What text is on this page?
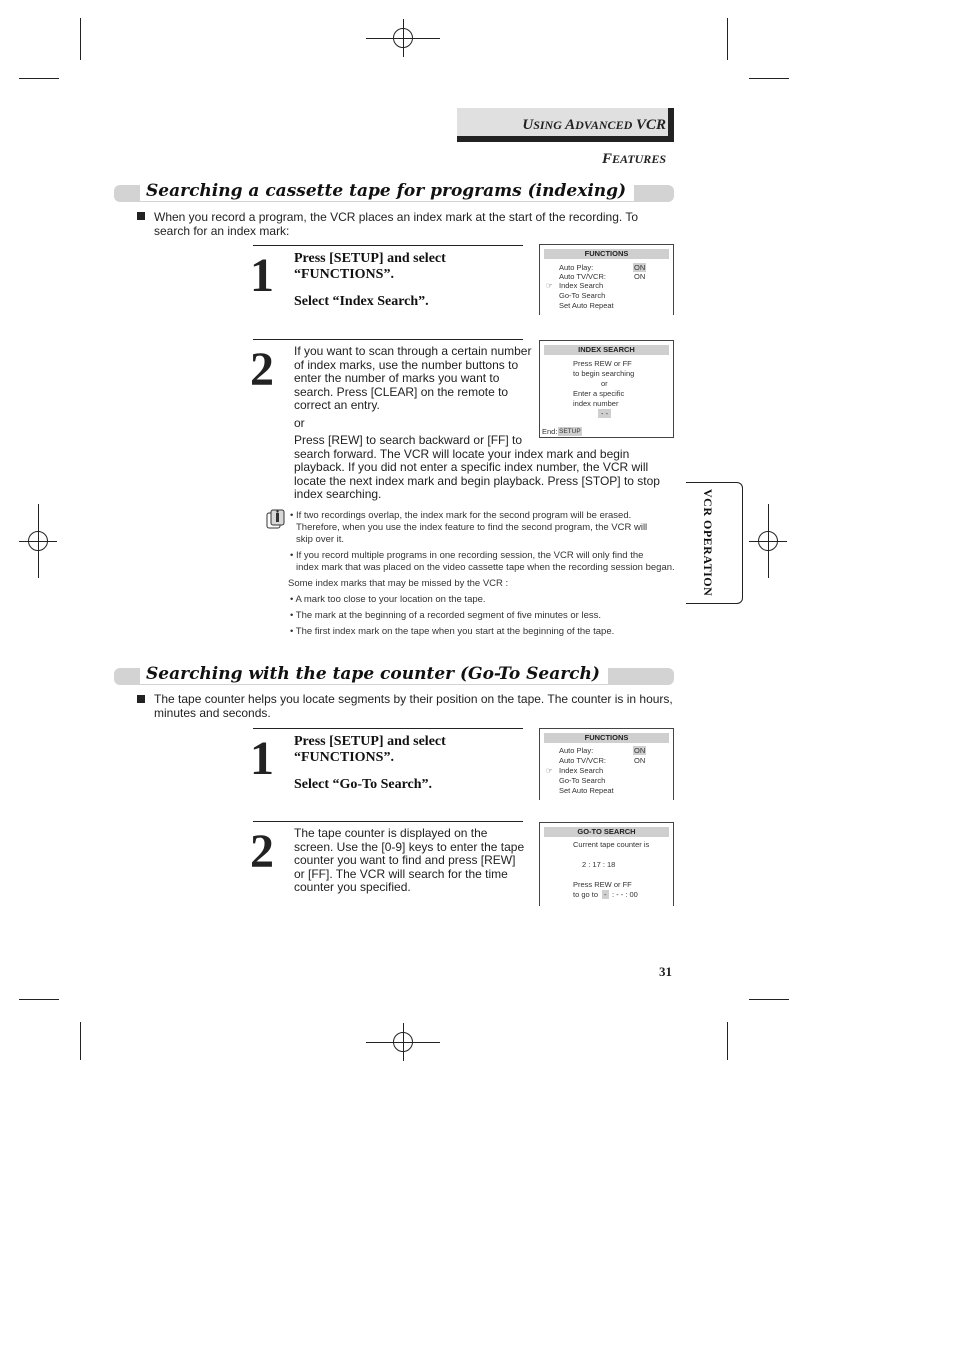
USING ADVANCED VCR FEATURES
VCR OPERATION
Searching a cassette tape for programs (indexing)
When you record a program, the VCR places an index mark at the start of the recording. To search for an index mark:
1 Press [SETUP] and select
“FUNCTIONS”.
Select “Index Search”.
FUNCTIONS
Auto Play:
Auto TV/VCR:
☞ Index Search
Go-To Search
Set Auto Repeat
ON
ON
2 If you want to scan through a certain number
of index marks, use the number buttons to
enter the number of marks you want to
search. Press [CLEAR] on the remote to
correct an entry.
or
Press [REW] to search backward or [FF] to
search forward. The VCR will locate your index mark and begin
playback. If you did not enter a specific index number, the VCR will
locate the next index mark and begin playback. Press [STOP] to stop
index searching.
INDEX SEARCH
Press REW or FF
to begin searching
or
Enter a specific
index number
- -
End: SETUP
• If two recordings overlap, the index mark for the second program will be erased.
Therefore, when you use the index feature to find the second program, the VCR will
skip over it.
• If you record multiple programs in one recording session, the VCR will only find the
index mark that was placed on the video cassette tape when the recording session began.
Some index marks that may be missed by the VCR :
• A mark too close to your location on the tape.
• The mark at the beginning of a recorded segment of five minutes or less.
• The first index mark on the tape when you start at the beginning of the tape.
Searching with the tape counter (Go-To Search)
The tape counter helps you locate segments by their position on the tape. The counter is in hours, minutes and seconds.
1 Press [SETUP] and select
“FUNCTIONS”.
Select “Go-To Search”.
FUNCTIONS
Auto Play:
Auto TV/VCR:
☞ Index Search
Go-To Search
Set Auto Repeat
ON
ON
2 The tape counter is displayed on the
screen. Use the [0-9] keys to enter the tape
counter you want to find and press [REW]
or [FF]. The VCR will search for the time
counter you specified.
GO-TO SEARCH
Current tape counter is
2 : 17 : 18
Press REW or FF
to go to - : - - : 00
31
